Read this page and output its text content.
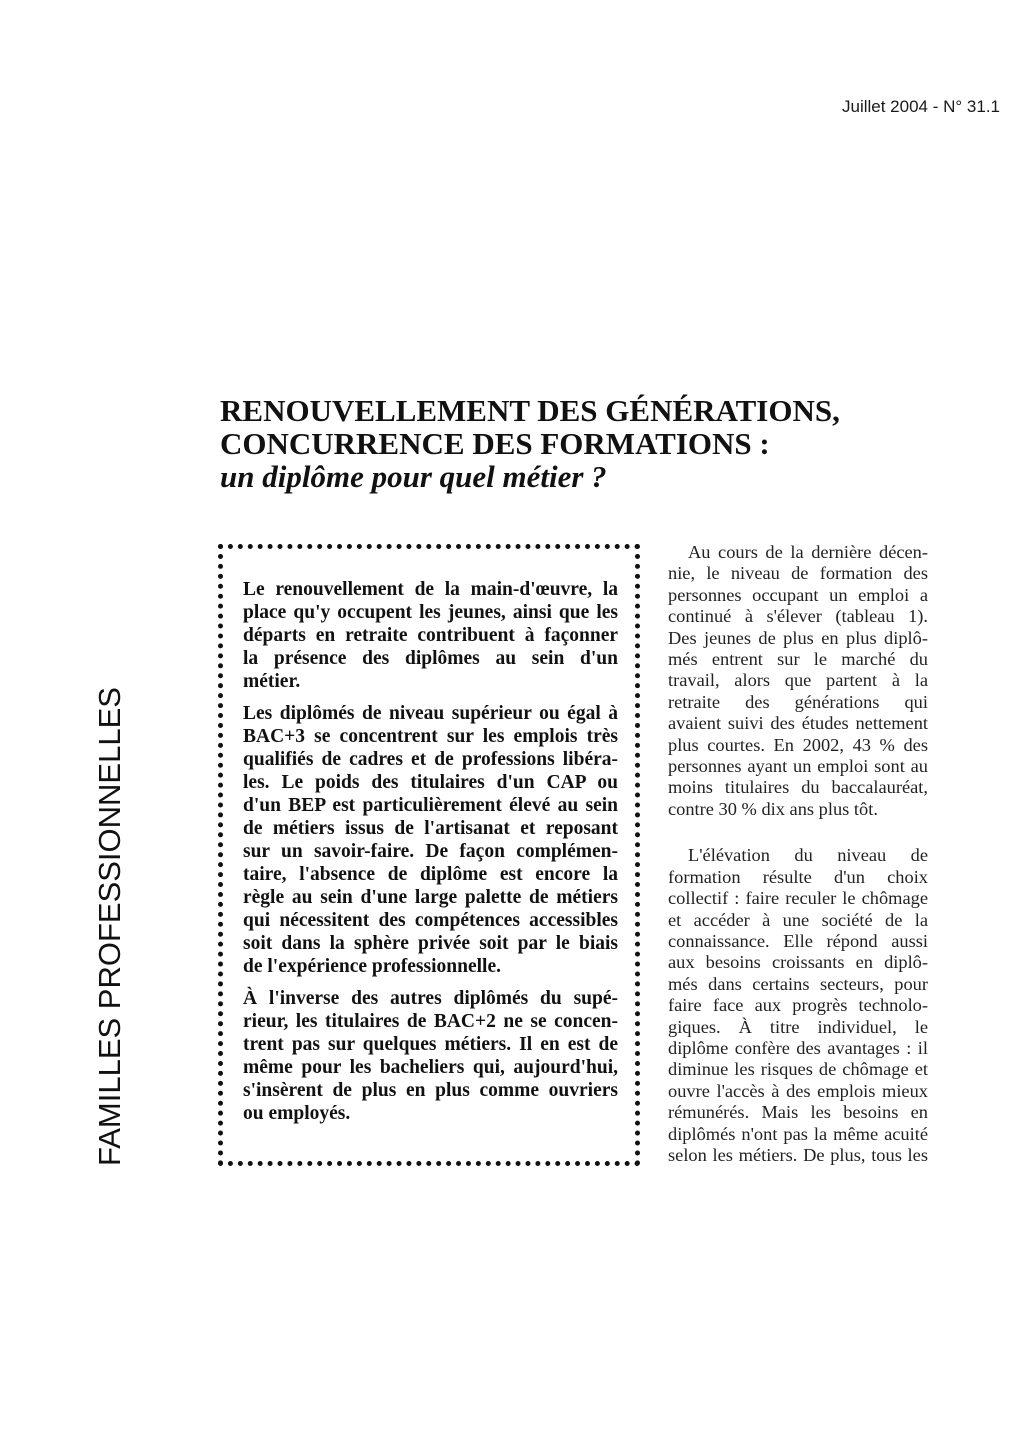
Juillet 2004 - N° 31.1
FAMILLES PROFESSIONNELLES
RENOUVELLEMENT DES GÉNÉRATIONS,
CONCURRENCE DES FORMATIONS :
un diplôme pour quel métier ?
Le renouvellement de la main-d'œuvre, la
place qu'y occupent les jeunes, ainsi que les
départs en retraite contribuent à façonner
la présence des diplômes au sein d'un
métier.
Les diplômés de niveau supérieur ou égal à
BAC+3 se concentrent sur les emplois très
qualifiés de cadres et de professions libéra-
les. Le poids des titulaires d'un CAP ou
d'un BEP est particulièrement élevé au sein
de métiers issus de l'artisanat et reposant
sur un savoir-faire. De façon complémen-
taire, l'absence de diplôme est encore la
règle au sein d'une large palette de métiers
qui nécessitent des compétences accessibles
soit dans la sphère privée soit par le biais
de l'expérience professionnelle.
À l'inverse des autres diplômés du supé-
rieur, les titulaires de BAC+2 ne se concen-
trent pas sur quelques métiers. Il en est de
même pour les bacheliers qui, aujourd'hui,
s'insèrent de plus en plus comme ouvriers
ou employés.
Au cours de la dernière décen-
nie, le niveau de formation des
personnes occupant un emploi a
continué à s'élever (tableau 1).
Des jeunes de plus en plus diplô-
més entrent sur le marché du
travail, alors que partent à la
retraite des générations qui
avaient suivi des études nettement
plus courtes. En 2002, 43 % des
personnes ayant un emploi sont au
moins titulaires du baccalauréat,
contre 30 % dix ans plus tôt.
L'élévation du niveau de
formation résulte d'un choix
collectif : faire reculer le chômage
et accéder à une société de la
connaissance. Elle répond aussi
aux besoins croissants en diplô-
més dans certains secteurs, pour
faire face aux progrès technolo-
giques. À titre individuel, le
diplôme confère des avantages : il
diminue les risques de chômage et
ouvre l'accès à des emplois mieux
rémunérés. Mais les besoins en
diplômés n'ont pas la même acuité
selon les métiers. De plus, tous les
